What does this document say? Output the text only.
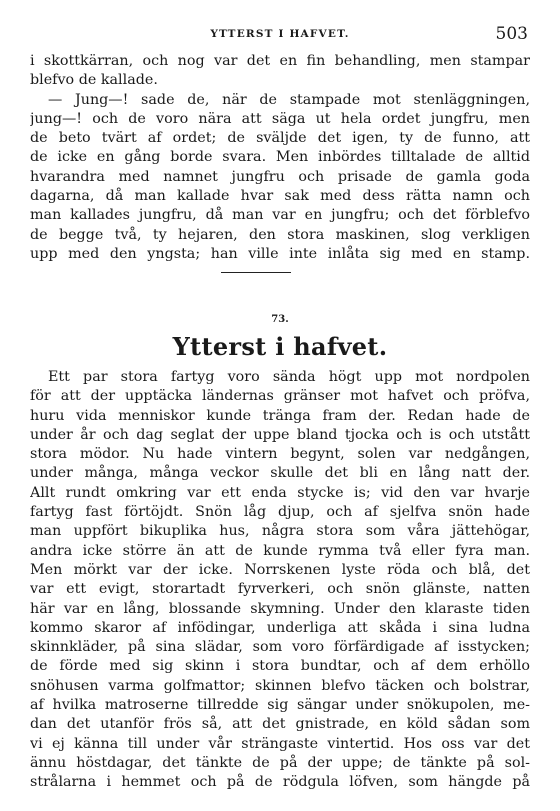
YTTERST I HAFVET.	503
i skottkärran, och nog var det en fin behandling, men stampar
blefvo de kallade.
— Jung—! sade de, när de stampade mot stenläggningen,
jung—! och de voro nära att säga ut hela ordet jungfru, men
de beto tvärt af ordet; de sväljde det igen, ty de funno, att
de icke en gång borde svara. Men inbördes tilltalade de alltid
hvarandra med namnet jungfru och prisade de gamla goda
dagarna, då man kallade hvar sak med dess rätta namn och
man kallades jungfru, då man var en jungfru; och det förblefvo
de begge två, ty hejaren, den stora maskinen, slog verkligen
upp med den yngsta; han ville inte inlåta sig med en stamp.
73.
Ytterst i hafvet.
Ett par stora fartyg voro sända högt upp mot nordpolen
för att der upptäcka ländernas gränser mot hafvet och pröfva,
huru vida menniskor kunde tränga fram der. Redan hade de
under år och dag seglat der uppe bland tjocka och is och utstått
stora mödor. Nu hade vintern begynt, solen var nedgången,
under många, många veckor skulle det bli en lång natt der.
Allt rundt omkring var ett enda stycke is; vid den var hvarje
fartyg fast förtöjdt. Snön låg djup, och af sjelfva snön hade
man uppfört bikuplika hus, några stora som våra jättehögar,
andra icke större än att de kunde rymma två eller fyra man.
Men mörkt var der icke. Norrskenen lyste röda och blå, det
var ett evigt, storartadt fyrverkeri, och snön glänste, natten
här var en lång, blossande skymning. Under den klaraste tiden
kommo skaror af infödingar, underliga att skåda i sina ludna
skinnkläder, på sina slädar, som voro förfärdigade af isstycken;
de förde med sig skinn i stora bundtar, och af dem erhöllo
snöhusen varma golfmattor; skinnen blefvo täcken och bolstrar,
af hvilka matroserne tillredde sig sängar under snökupolen, me-
dan det utanför frös så, att det gnistrade, en köld sådan som
vi ej känna till under vår strängaste vintertid. Hos oss var det
ännu höstdagar, det tänkte de på der uppe; de tänkte på sol-
strålarna i hemmet och på de rödgula löfven, som hängde på
